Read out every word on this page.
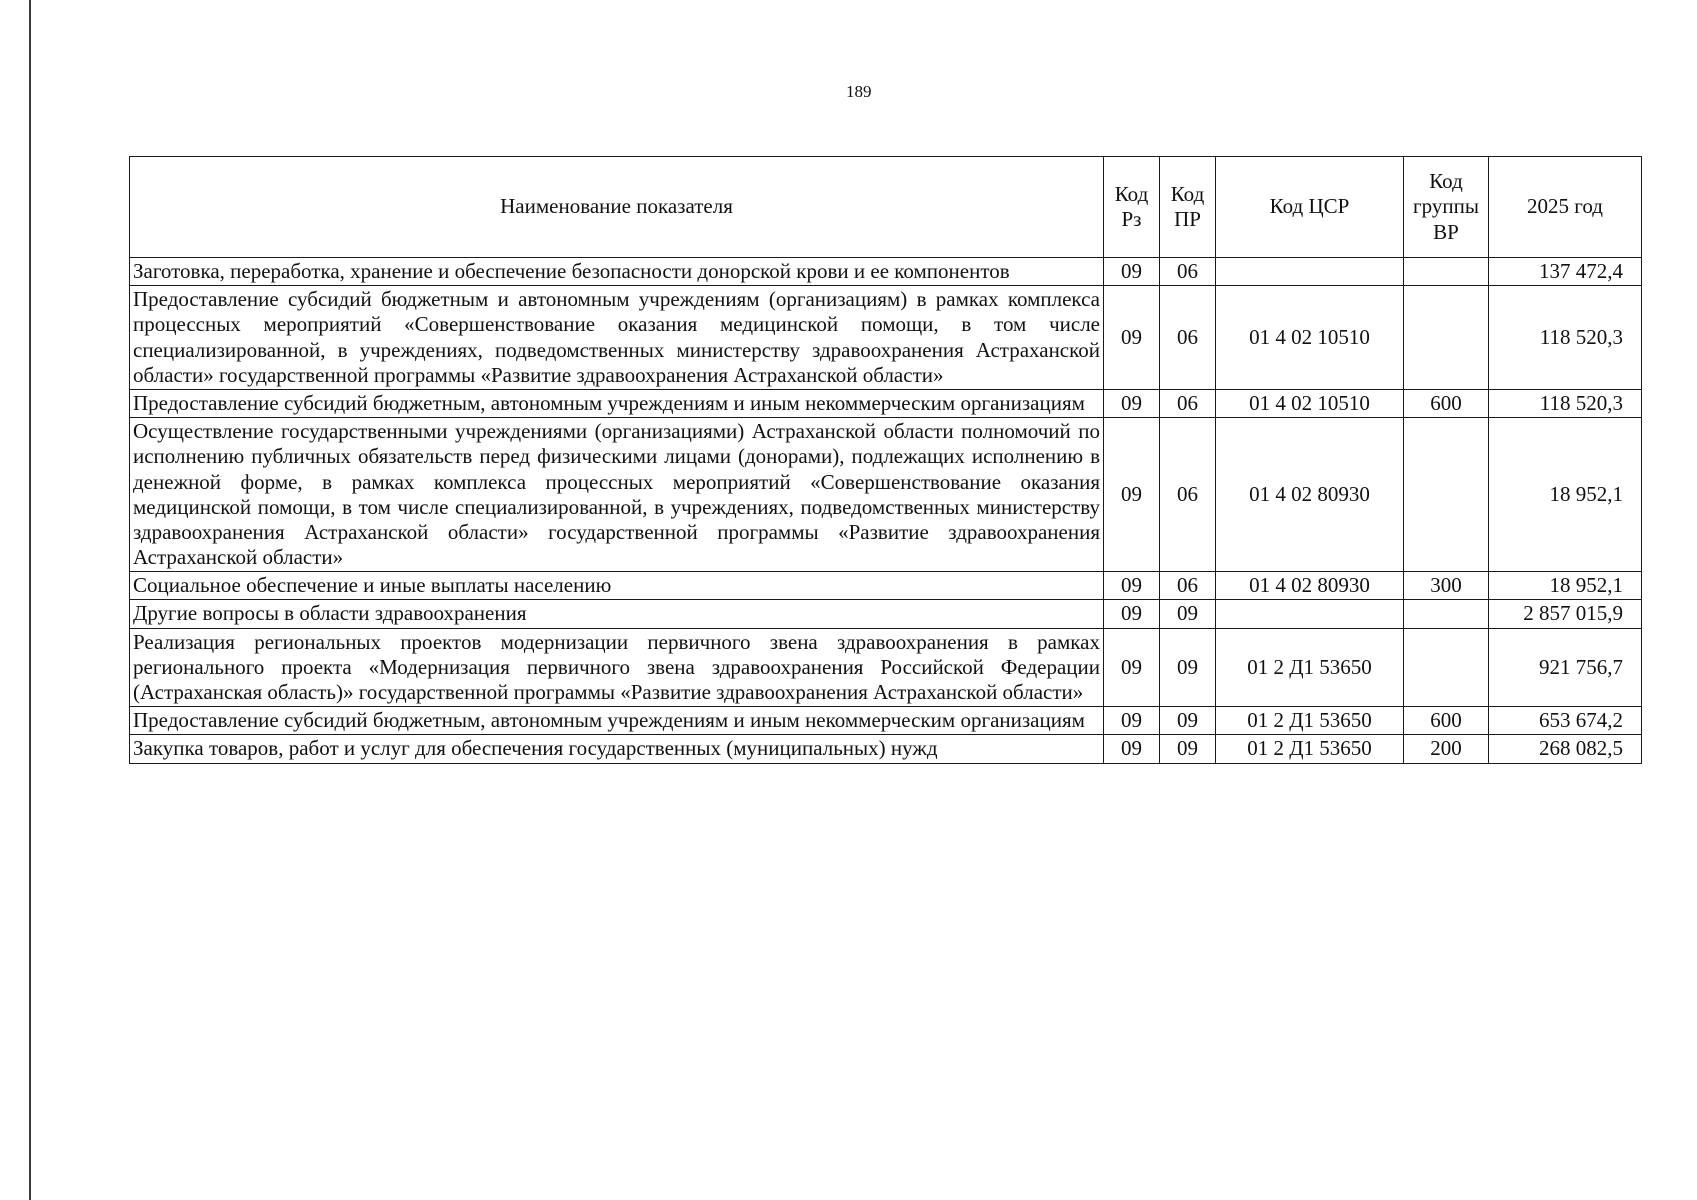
189
Наименование показателя	Код Рз	Код ПР	Код ЦСР	Код группы ВР	2025 год
Заготовка, переработка, хранение и обеспечение безопасности донорской крови и ее компонентов	09	06			137 472,4
Предоставление субсидий бюджетным и автономным учреждениям (организациям) в рамках комплекса процессных мероприятий «Совершенствование оказания медицинской помощи, в том числе специализированной, в учреждениях, подведомственных министерству здравоохранения Астраханской области» государственной программы «Развитие здравоохранения Астраханской области»	09	06	01 4 02 10510		118 520,3
Предоставление субсидий бюджетным, автономным учреждениям и иным некоммерческим организациям	09	06	01 4 02 10510	600	118 520,3
Осуществление государственными учреждениями (организациями) Астраханской области полномочий по исполнению публичных обязательств перед физическими лицами (донорами), подлежащих исполнению в денежной форме, в рамках комплекса процессных мероприятий «Совершенствование оказания медицинской помощи, в том числе специализированной, в учреждениях, подведомственных министерству здравоохранения Астраханской области» государственной программы «Развитие здравоохранения Астраханской области»	09	06	01 4 02 80930		18 952,1
Социальное обеспечение и иные выплаты населению	09	06	01 4 02 80930	300	18 952,1
Другие вопросы в области здравоохранения	09	09			2 857 015,9
Реализация региональных проектов модернизации первичного звена здравоохранения в рамках регионального проекта «Модернизация первичного звена здравоохранения Российской Федерации (Астраханская область)» государственной программы «Развитие здравоохранения Астраханской области»	09	09	01 2 Д1 53650		921 756,7
Предоставление субсидий бюджетным, автономным учреждениям и иным некоммерческим организациям	09	09	01 2 Д1 53650	600	653 674,2
Закупка товаров, работ и услуг для обеспечения государственных (муниципальных) нужд	09	09	01 2 Д1 53650	200	268 082,5
